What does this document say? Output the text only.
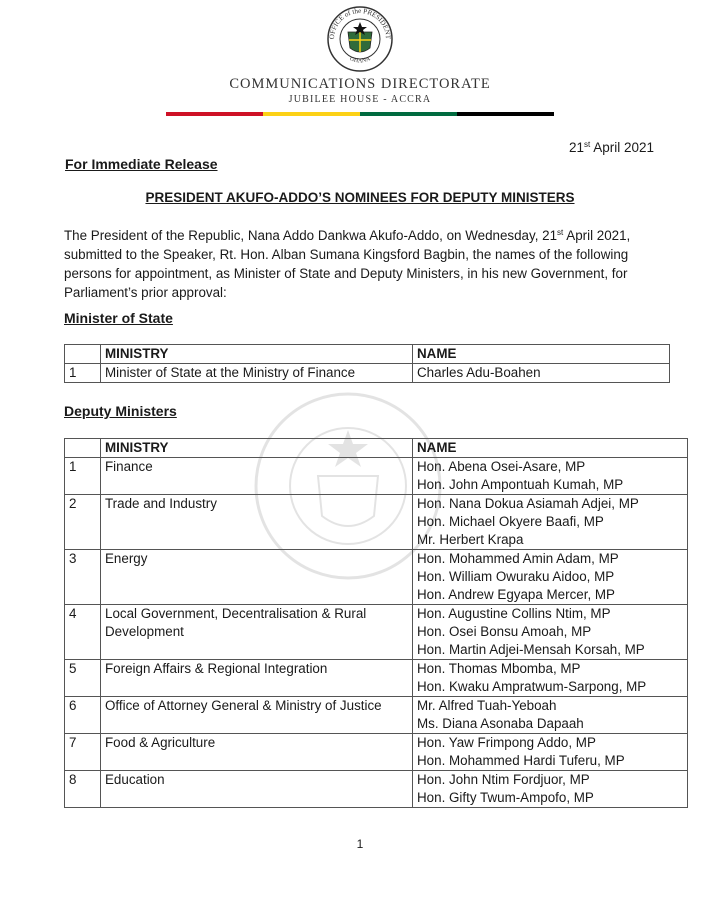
OFFICE of the PRESIDENT
GHANA
COMMUNICATIONS DIRECTORATE
JUBILEE HOUSE - ACCRA
21st April 2021
For Immediate Release
PRESIDENT AKUFO-ADDO’S NOMINEES FOR DEPUTY MINISTERS
The President of the Republic, Nana Addo Dankwa Akufo-Addo, on Wednesday, 21st April 2021, submitted to the Speaker, Rt. Hon. Alban Sumana Kingsford Bagbin, the names of the following persons for appointment, as Minister of State and Deputy Ministers, in his new Government, for Parliament’s prior approval:
Minister of State
	MINISTRY	NAME
1	Minister of State at the Ministry of Finance	Charles Adu-Boahen
Deputy Ministers
	MINISTRY	NAME
1	Finance	Hon. Abena Osei-Asare, MP
Hon. John Ampontuah Kumah, MP

2	Trade and Industry	Hon. Nana Dokua Asiamah Adjei, MP
Hon. Michael Okyere Baafi, MP
Mr. Herbert Krapa

3	Energy	Hon. Mohammed Amin Adam, MP
Hon. William Owuraku Aidoo, MP
Hon. Andrew Egyapa Mercer, MP

4	Local Government, Decentralisation & Rural Development	Hon. Augustine Collins Ntim, MP
Hon. Osei Bonsu Amoah, MP
Hon. Martin Adjei-Mensah Korsah, MP

5	Foreign Affairs & Regional Integration	Hon. Thomas Mbomba, MP
Hon. Kwaku Ampratwum-Sarpong, MP

6	Office of Attorney General & Ministry of Justice	Mr. Alfred Tuah-Yeboah
Ms. Diana Asonaba Dapaah

7	Food & Agriculture	Hon. Yaw Frimpong Addo, MP
Hon. Mohammed Hardi Tuferu, MP

8	Education	Hon. John Ntim Fordjuor, MP
Hon. Gifty Twum-Ampofo, MP
1
